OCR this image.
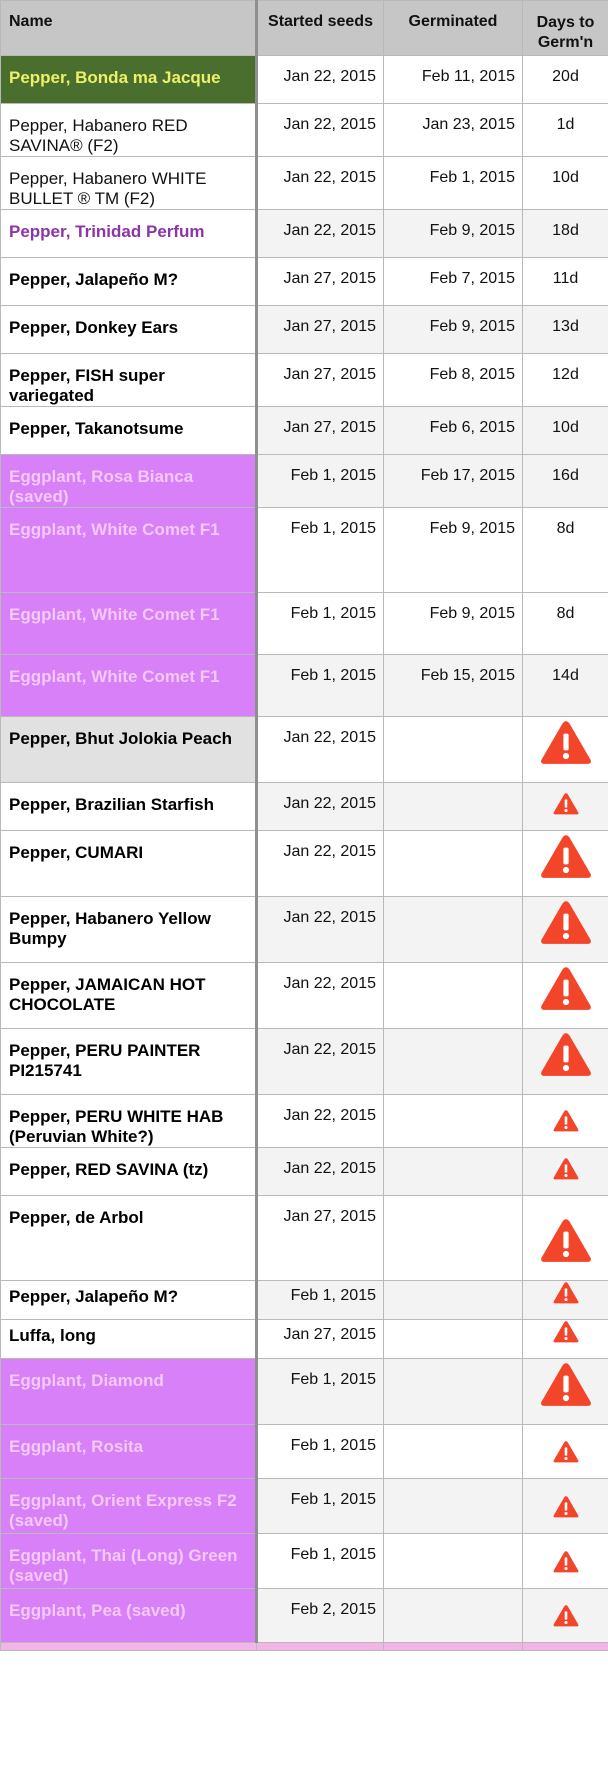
Name	Started seeds	Germinated	Days to
Germ'n
Pepper, Bonda ma Jacque	Jan 22, 2015	Feb 11, 2015	20d
Pepper, Habanero RED SAVINA® (F2)	Jan 22, 2015	Jan 23, 2015	1d
Pepper, Habanero WHITE BULLET ® TM (F2)	Jan 22, 2015	Feb 1, 2015	10d
Pepper, Trinidad Perfum	Jan 22, 2015	Feb 9, 2015	18d
Pepper, Jalapeño M?	Jan 27, 2015	Feb 7, 2015	11d
Pepper, Donkey Ears	Jan 27, 2015	Feb 9, 2015	13d
Pepper, FISH super variegated	Jan 27, 2015	Feb 8, 2015	12d
Pepper, Takanotsume	Jan 27, 2015	Feb 6, 2015	10d
Eggplant, Rosa Bianca (saved)	Feb 1, 2015	Feb 17, 2015	16d
Eggplant, White Comet F1	Feb 1, 2015	Feb 9, 2015	8d
Eggplant, White Comet F1	Feb 1, 2015	Feb 9, 2015	8d
Eggplant, White Comet F1	Feb 1, 2015	Feb 15, 2015	14d
Pepper, Bhut Jolokia Peach	Jan 22, 2015		

Pepper, Brazilian Starfish	Jan 22, 2015		

Pepper, CUMARI	Jan 22, 2015		

Pepper, Habanero Yellow Bumpy	Jan 22, 2015		

Pepper, JAMAICAN HOT CHOCOLATE	Jan 22, 2015		

Pepper, PERU PAINTER PI215741	Jan 22, 2015		

Pepper, PERU WHITE HAB (Peruvian White?)	Jan 22, 2015		

Pepper, RED SAVINA (tz)	Jan 22, 2015		

Pepper, de Arbol	Jan 27, 2015		

Pepper, Jalapeño M?	Feb 1, 2015		

Luffa, long	Jan 27, 2015		

Eggplant, Diamond	Feb 1, 2015		

Eggplant, Rosita	Feb 1, 2015		

Eggplant, Orient Express F2 (saved)	Feb 1, 2015		

Eggplant, Thai (Long) Green (saved)	Feb 1, 2015		

Eggplant, Pea (saved)	Feb 2, 2015		
